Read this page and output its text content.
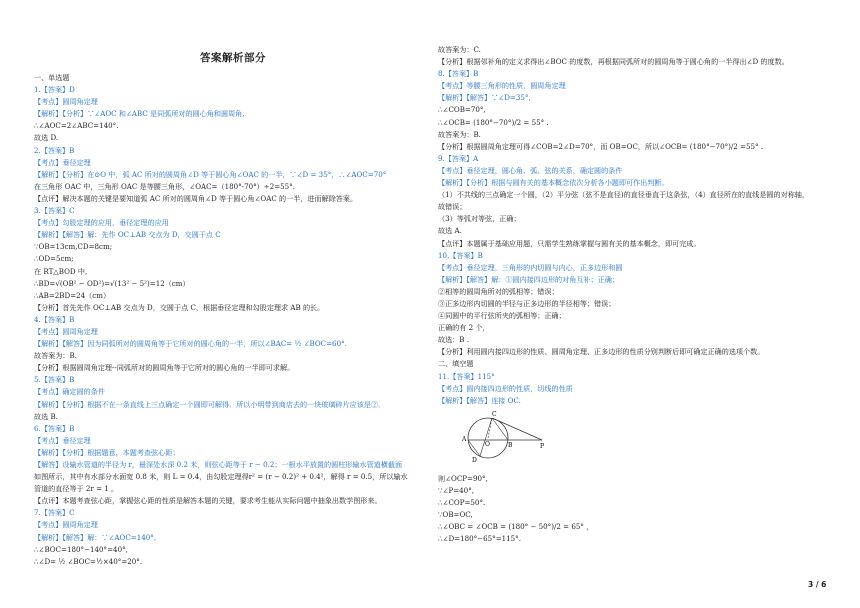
答案解析部分
一、单选题
1.【答案】D
【考点】圆周角定理
【解析】【分析】∵∠AOC 和∠ABC 是同弧所对的圆心角和圆周角,
∴∠AOC=2∠ABC=140°.
故选 D.
2.【答案】B
【考点】垂径定理
【解析】【分析】在⊙O 中，弧 AC 所对的圆周角∠D 等于圆心角∠OAC 的一半，∵∠D = 35°，∴∠AOC=70°
在三角形 OAC 中，三角形 OAC 是等腰三角形，∠OAC=（180°-70°）÷2=55°.
【点评】解决本题的关键是要知道弧 AC 所对的圆周角∠D 等于圆心角∠OAC 的一半，进而解除答案。
3.【答案】C
【考点】勾股定理的应用，垂径定理的应用
【解析】【解答】解：先作 OC⊥AB 交点为 D，交圆于点 C
∵OB=13cm,CD=8cm;
∴OD=5cm;
在 RT△BOD 中,
∴BD=√(OB² − OD²)=√(13² − 5²)=12（cm）
∴AB=2BD=24（cm）
【分析】首先先作 OC⊥AB 交点为 D，交圆于点 C，根据垂径定理和勾股定理求 AB 的长。
4.【答案】B
【考点】圆周角定理
【解析】【解答】因为同弧所对的圆周角等于它所对的圆心角的一半，所以∠BAC= ½ ∠BOC=60°.
故答案为：B.
【分析】根据圆周角定理--同弧所对的圆周角等于它所对的圆心角的一半即可求解。
5.【答案】B
【考点】确定圆的条件
【解析】【分析】根据不在一条直线上三点确定一个圆即可解得．所以小明带到商店去的一块玻璃碎片应该是②．
故选 B.
6.【答案】B
【考点】垂径定理
【解析】【分析】根据题意，本题考查弦心距；
【解答】设输水管道的半径为 r，最深处水深 0.2 米，则弦心距等于 r − 0.2；一根水平放置的圆柱形输水管道横截面
如图所示，其中有水部分水面宽 0.8 米，则 L = 0.4，由勾股定理得r² = (r − 0.2)² + 0.4²，解得 r = 0.5，所以输水
管道的直径等于 2r = 1 。
【点评】本题考查弦心距，掌握弦心距的性质是解答本题的关键，要求考生能从实际问题中抽象出数学图形来。
7.【答案】C
【考点】圆周角定理
【解析】【解答】解：∵∠AOC=140°,
∴∠BOC=180°−140°=40°,
∴∠D= ½ ∠BOC=½×40°=20°.
故答案为：C.
【分析】根据邻补角的定义求得出∠BOC 的度数，再根据同弧所对的圆周角等于圆心角的一半得出∠D 的度数。
8.【答案】B
【考点】等腰三角形的性质，圆周角定理
【解析】【解答】∵∠D=35°,
∴∠COB=70°,
∴∠OCB= (180°−70°)/2 = 55° .
故答案为：B.
【分析】根据圆周角定理可得∠COB=2∠D=70°，而 OB=OC，所以∠OCB= (180°−70°)/2 =55° .
9.【答案】A
【考点】垂径定理，圆心角、弧、弦的关系，确定圆的条件
【解析】【分析】根据与圆有关的基本概念依次分析各小题即可作出判断。
（1）不共线的三点确定一个圆，（2）平分弦（弦不是直径)的直径垂直于这条弦，（4）直径所在的直线是圆的对称轴，
故错误；
（3）等弧对等弦，正确；
故选 A.
【点评】本题属于基础应用题，只需学生熟练掌握与圆有关的基本概念，即可完成。
10.【答案】B
【考点】垂径定理，三角形的内切圆与内心，正多边形和圆
【解析】【解答】解：①圆内接四边形的对角互补；正确；
②相等的圆周角所对的弧相等；错误；
③正多边形内切圆的半径与正多边形的半径相等；错误；
④同圆中的平行弦所夹的弧相等；正确；
正确的有 2 个，
故选：B .
【分析】利用圆内接四边形的性质、圆周角定理、正多边形的性质分别判断后即可确定正确的选项个数。
二、填空题
11.【答案】115°
【考点】圆内接四边形的性质，切线的性质
【解析】【解答】连接 OC.
D
A
O	B
C
P
则∠OCP=90°,
∵∠P=40°,
∴∠COP=50°.
∵OB=OC,
∴∠OBC = ∠OCB = (180° − 50°)/2 = 65° ，
∴∠D=180°−65°=115°.
3 / 6
